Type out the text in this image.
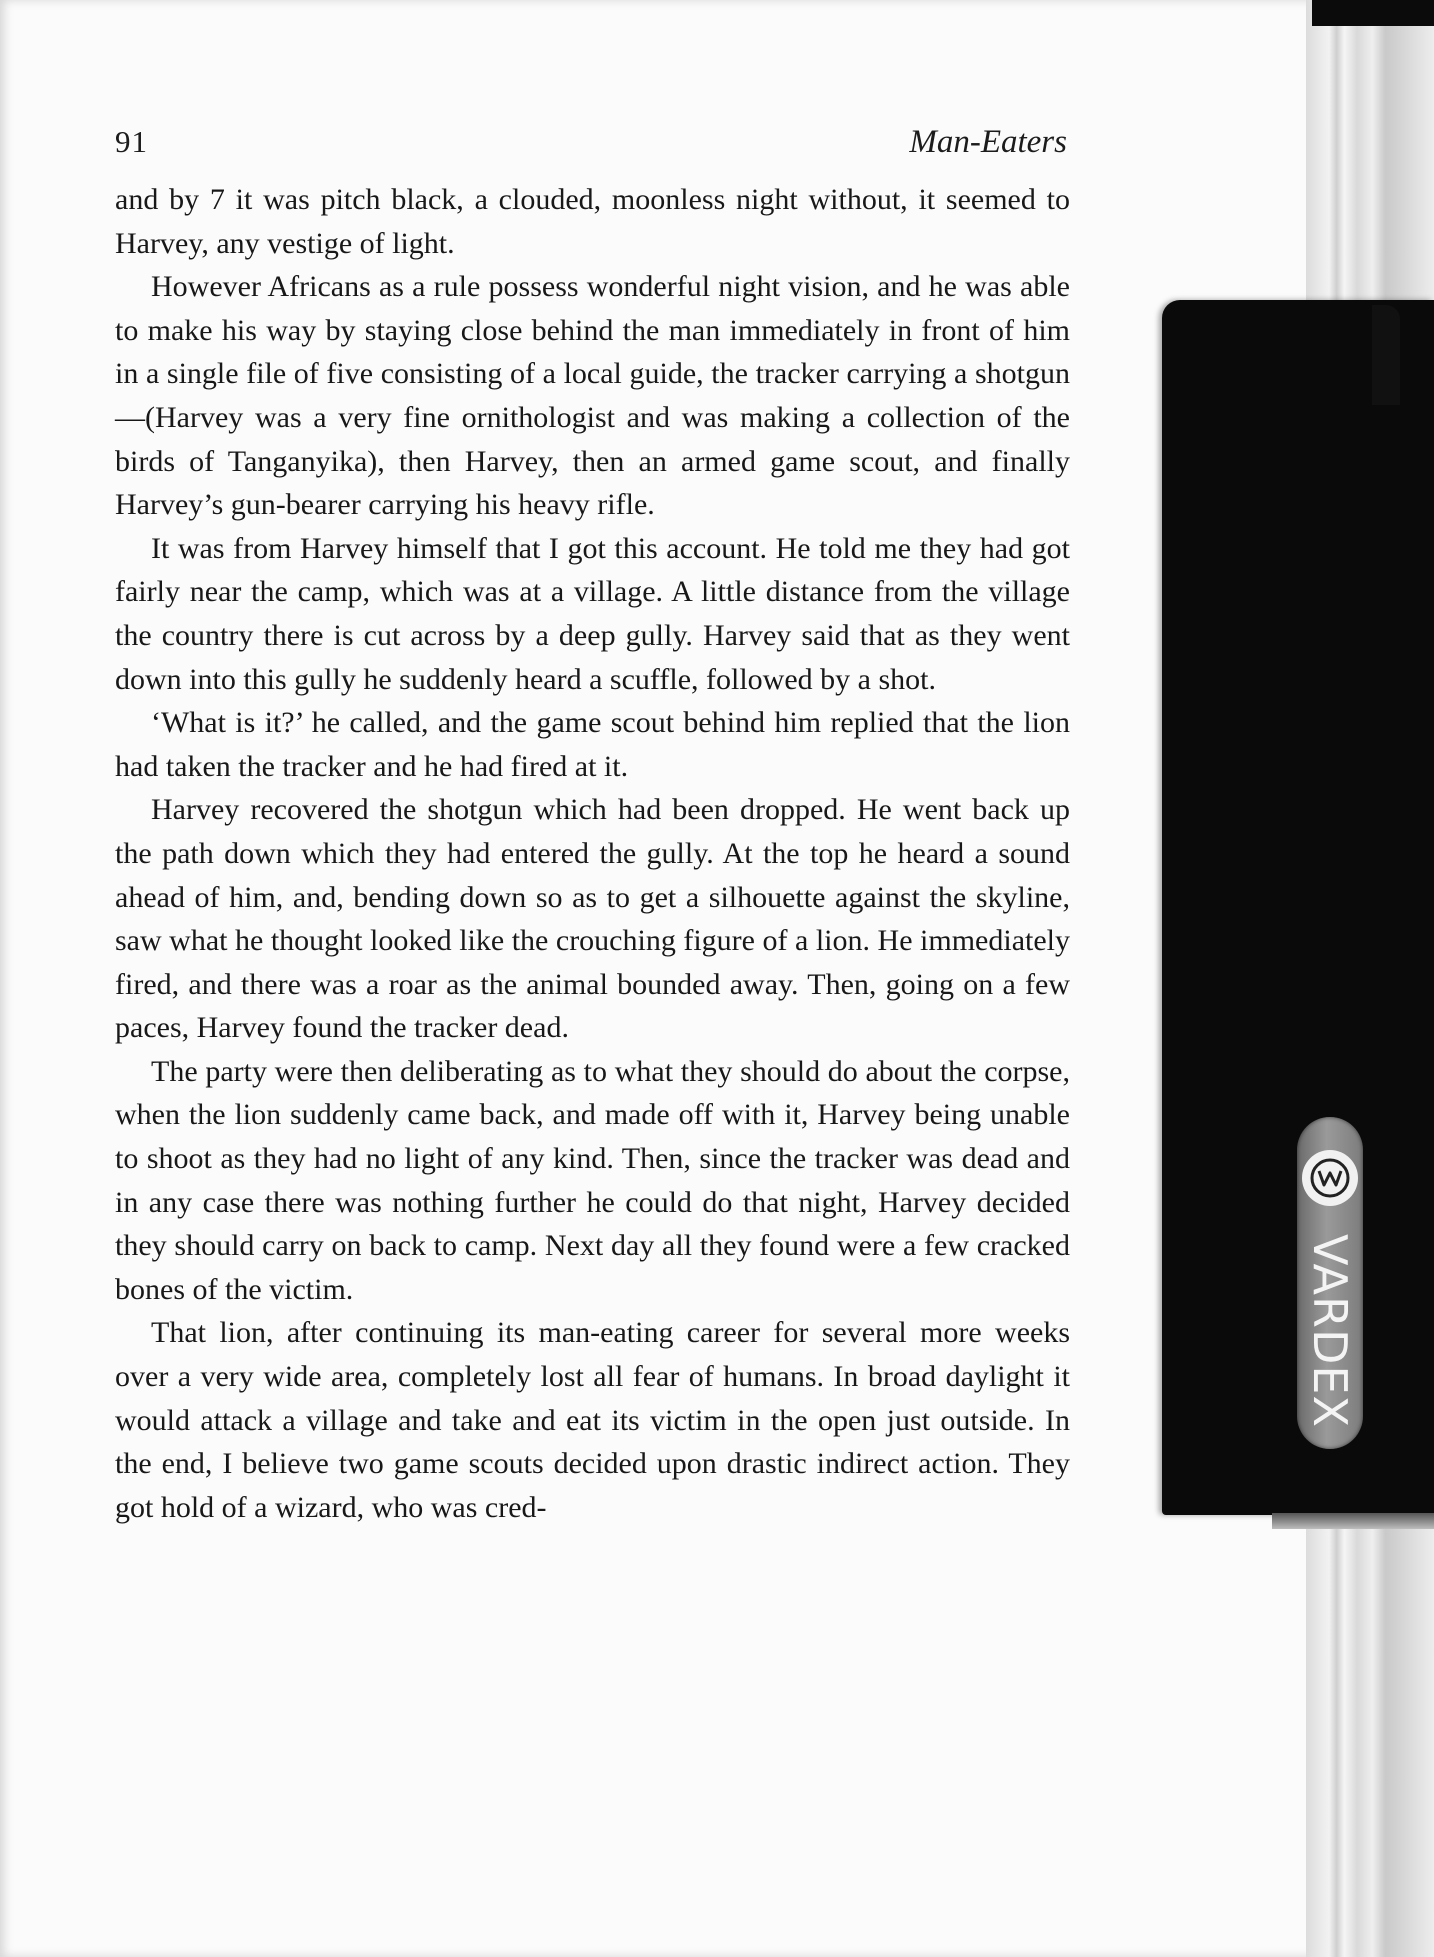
91	Man-Eaters

and by 7 it was pitch black, a clouded, moonless night without, it seemed to Harvey, any vestige of light.

However Africans as a rule possess wonderful night vision, and he was able to make his way by staying close behind the man immediately in front of him in a single file of five consisting of a local guide, the tracker carrying a shotgun—(Harvey was a very fine ornithologist and was making a collection of the birds of Tanganyika), then Harvey, then an armed game scout, and finally Harvey’s gun-bearer carrying his heavy rifle.

It was from Harvey himself that I got this account. He told me they had got fairly near the camp, which was at a village. A little distance from the village the country there is cut across by a deep gully. Harvey said that as they went down into this gully he suddenly heard a scuffle, followed by a shot.

‘What is it?’ he called, and the game scout behind him replied that the lion had taken the tracker and he had fired at it.

Harvey recovered the shotgun which had been dropped. He went back up the path down which they had entered the gully. At the top he heard a sound ahead of him, and, bending down so as to get a silhouette against the skyline, saw what he thought looked like the crouching figure of a lion. He immediately fired, and there was a roar as the animal bounded away. Then, going on a few paces, Harvey found the tracker dead.

The party were then deliberating as to what they should do about the corpse, when the lion suddenly came back, and made off with it, Harvey being unable to shoot as they had no light of any kind. Then, since the tracker was dead and in any case there was nothing further he could do that night, Harvey decided they should carry on back to camp. Next day all they found were a few cracked bones of the victim.

That lion, after continuing its man-eating career for several more weeks over a very wide area, completely lost all fear of humans. In broad daylight it would attack a village and take and eat its victim in the open just outside. In the end, I believe two game scouts decided upon drastic indirect action. They got hold of a wizard, who was cred-

VARDEX
